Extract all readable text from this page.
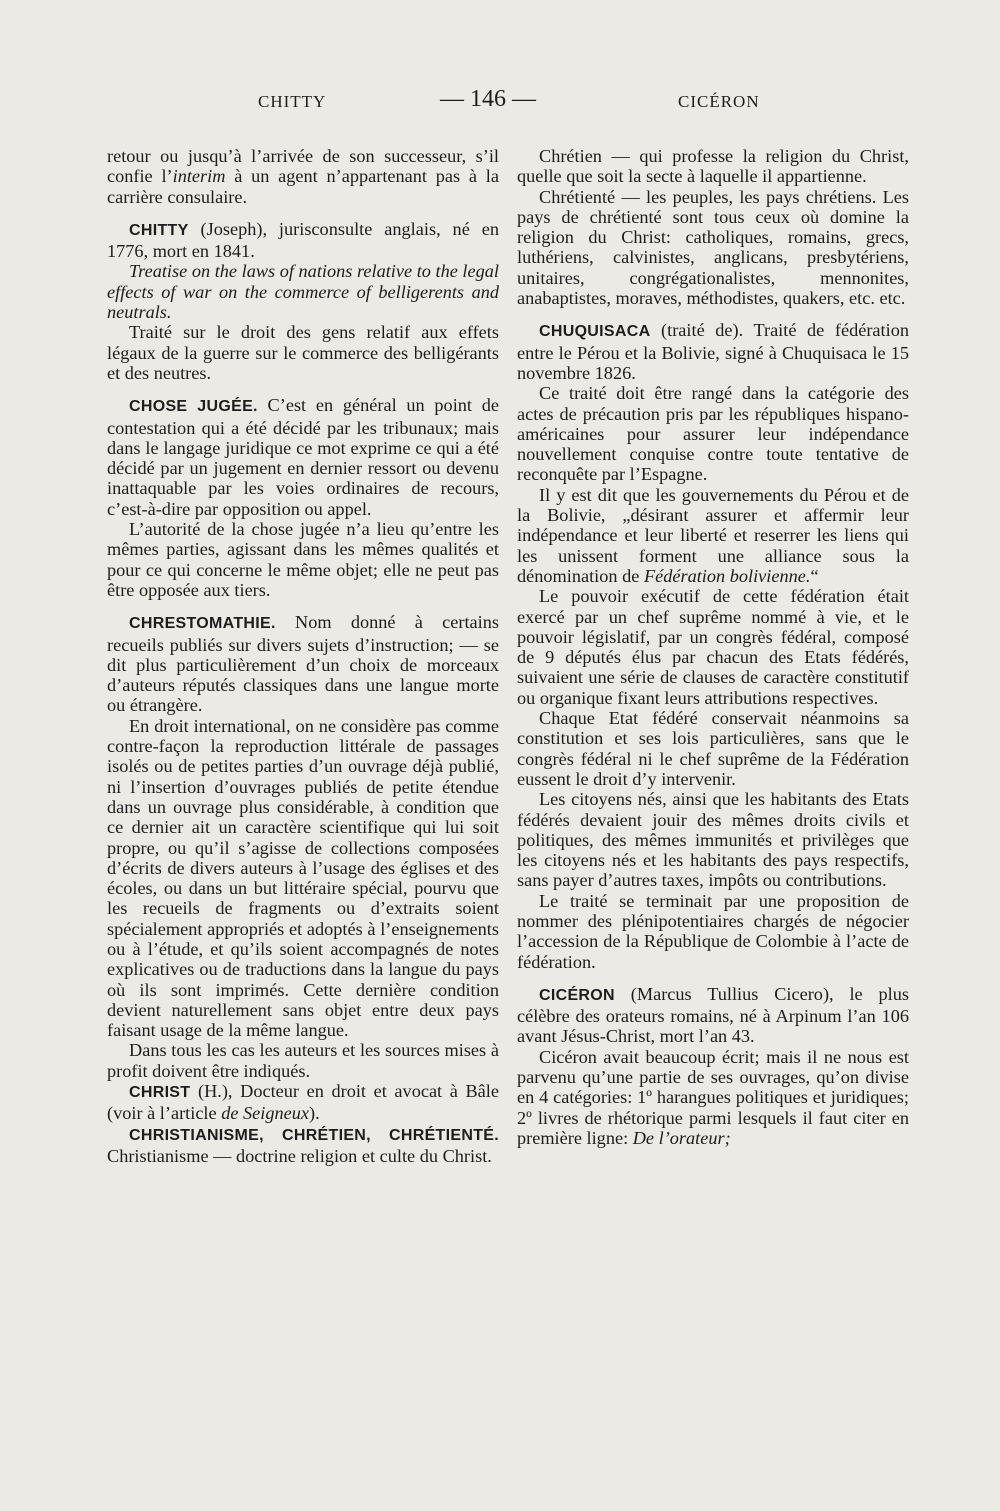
CHITTY	— 146 —	CICÉRON

retour ou jusqu’à l’arrivée de son successeur, s’il confie l’interim à un agent n’appartenant pas à la carrière consulaire.

CHITTY (Joseph), jurisconsulte anglais, né en 1776, mort en 1841.

Treatise on the laws of nations relative to the legal effects of war on the commerce of belligerents and neutrals.

Traité sur le droit des gens relatif aux effets légaux de la guerre sur le commerce des belligérants et des neutres.

CHOSE JUGÉE. C’est en général un point de contestation qui a été décidé par les tribunaux; mais dans le langage juridique ce mot exprime ce qui a été décidé par un jugement en dernier ressort ou devenu inattaquable par les voies ordinaires de recours, c’est-à-dire par opposition ou appel.

L’autorité de la chose jugée n’a lieu qu’entre les mêmes parties, agissant dans les mêmes qualités et pour ce qui concerne le même objet; elle ne peut pas être opposée aux tiers.

CHRESTOMATHIE. Nom donné à certains recueils publiés sur divers sujets d’instruction; — se dit plus particulièrement d’un choix de morceaux d’auteurs réputés classiques dans une langue morte ou étrangère.

En droit international, on ne considère pas comme contre-façon la reproduction littérale de passages isolés ou de petites parties d’un ouvrage déjà publié, ni l’insertion d’ouvrages publiés de petite étendue dans un ouvrage plus considérable, à condition que ce dernier ait un caractère scientifique qui lui soit propre, ou qu’il s’agisse de collections composées d’écrits de divers auteurs à l’usage des églises et des écoles, ou dans un but littéraire spécial, pourvu que les recueils de fragments ou d’extraits soient spécialement appropriés et adoptés à l’enseignements ou à l’étude, et qu’ils soient accompagnés de notes explicatives ou de traductions dans la langue du pays où ils sont imprimés. Cette dernière condition devient naturellement sans objet entre deux pays faisant usage de la même langue.

Dans tous les cas les auteurs et les sources mises à profit doivent être indiqués.

CHRIST (H.), Docteur en droit et avocat à Bâle (voir à l’article de Seigneux).

CHRISTIANISME, CHRÉTIEN, CHRÉTIENTÉ. Christianisme — doctrine religion et culte du Christ.

Chrétien — qui professe la religion du Christ, quelle que soit la secte à laquelle il appartienne.

Chrétienté — les peuples, les pays chrétiens. Les pays de chrétienté sont tous ceux où domine la religion du Christ: catholiques, romains, grecs, luthériens, calvinistes, anglicans, presbytériens, unitaires, congrégationalistes, mennonites, anabaptistes, moraves, méthodistes, quakers, etc. etc.

CHUQUISACA (traité de). Traité de fédération entre le Pérou et la Bolivie, signé à Chuquisaca le 15 novembre 1826.

Ce traité doit être rangé dans la catégorie des actes de précaution pris par les républiques hispano-américaines pour assurer leur indépendance nouvellement conquise contre toute tentative de reconquête par l’Espagne.

Il y est dit que les gouvernements du Pérou et de la Bolivie, „désirant assurer et affermir leur indépendance et leur liberté et reserrer les liens qui les unissent forment une alliance sous la dénomination de Fédération bolivienne.“

Le pouvoir exécutif de cette fédération était exercé par un chef suprême nommé à vie, et le pouvoir législatif, par un congrès fédéral, composé de 9 députés élus par chacun des Etats fédérés, suivaient une série de clauses de caractère constitutif ou organique fixant leurs attributions respectives.

Chaque Etat fédéré conservait néanmoins sa constitution et ses lois particulières, sans que le congrès fédéral ni le chef suprême de la Fédération eussent le droit d’y intervenir.

Les citoyens nés, ainsi que les habitants des Etats fédérés devaient jouir des mêmes droits civils et politiques, des mêmes immunités et privilèges que les citoyens nés et les habitants des pays respectifs, sans payer d’autres taxes, impôts ou contributions.

Le traité se terminait par une proposition de nommer des plénipotentiaires chargés de négocier l’accession de la République de Colombie à l’acte de fédération.

CICÉRON (Marcus Tullius Cicero), le plus célèbre des orateurs romains, né à Arpinum l’an 106 avant Jésus-Christ, mort l’an 43.

Cicéron avait beaucoup écrit; mais il ne nous est parvenu qu’une partie de ses ouvrages, qu’on divise en 4 catégories: 1º harangues politiques et juridiques; 2º livres de rhétorique parmi lesquels il faut citer en première ligne: De l’orateur;
